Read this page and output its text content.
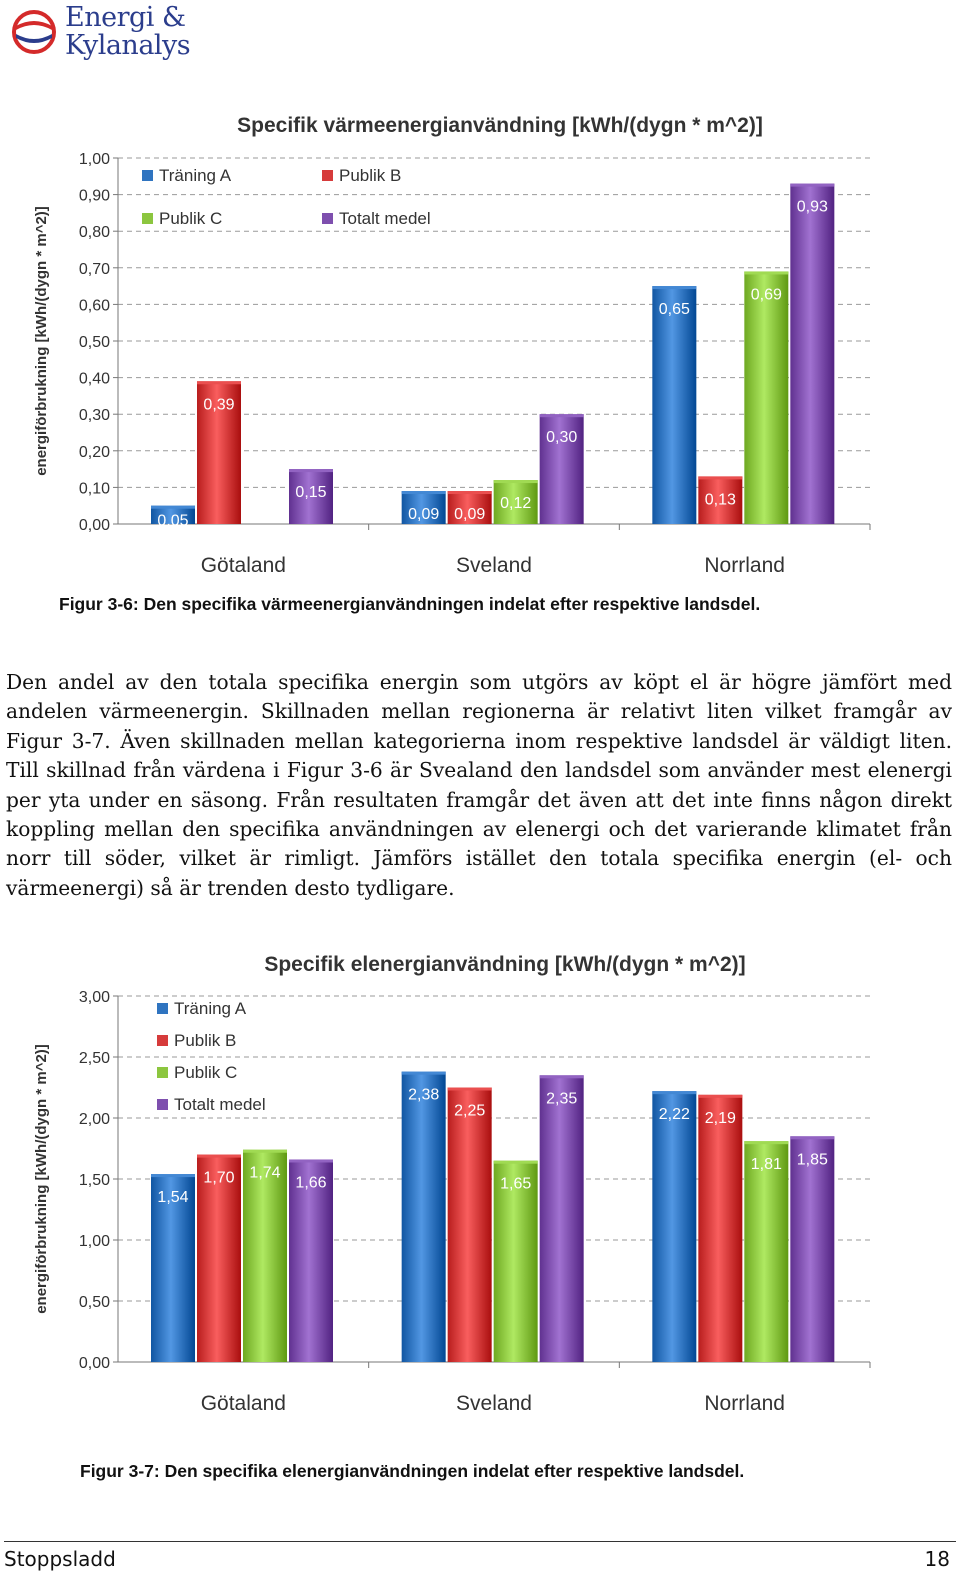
Energi &
Kylanalys
Specifik värmeenergianvändning [kWh/(dygn * m^2)]
0,00
0,10
0,20
0,30
0,40
0,50
0,60
0,70
0,80
0,90
1,00
energiförbrukning [kWh/(dygn * m^2)]
Götaland
0,05
0,39
0,15
Sveland
0,09 0,09
0,12
0,30
Norrland
0,65
0,13
0,69
0,93
Träning A	Publik B
Publik C	Totalt medel
Figur 3-6: Den specifika värmeenergianvändningen indelat efter respektive landsdel.

Den andel av den totala specifika energin som utgörs av köpt el är högre jämfört med andelen värmeenergin. Skillnaden mellan regionerna är relativt liten vilket framgår av Figur 3-7. Även skillnaden mellan kategorierna inom respektive landsdel är väldigt liten. Till skillnad från värdena i Figur 3-6 är Svealand den landsdel som använder mest elenergi per yta under en säsong. Från resultaten framgår det även att det inte finns någon direkt koppling mellan den specifika användningen av elenergi och det varierande klimatet från norr till söder, vilket är rimligt. Jämförs istället den totala specifika energin (el- och värmeenergi) så är trenden desto tydligare.

Specifik elenergianvändning [kWh/(dygn * m^2)]
0,00
0,50
1,00
1,50
2,00
2,50
3,00
energiförbrukning [kWh/(dygn * m^2)]
Götaland
1,54
1,70 1,74
1,66
Sveland
2,38
2,25
1,65
2,35
Norrland
2,22 2,19
1,81 1,85
Träning A
Publik B
Publik C
Totalt medel
Figur 3-7: Den specifika elenergianvändningen indelat efter respektive landsdel.
Stoppsladd	18
